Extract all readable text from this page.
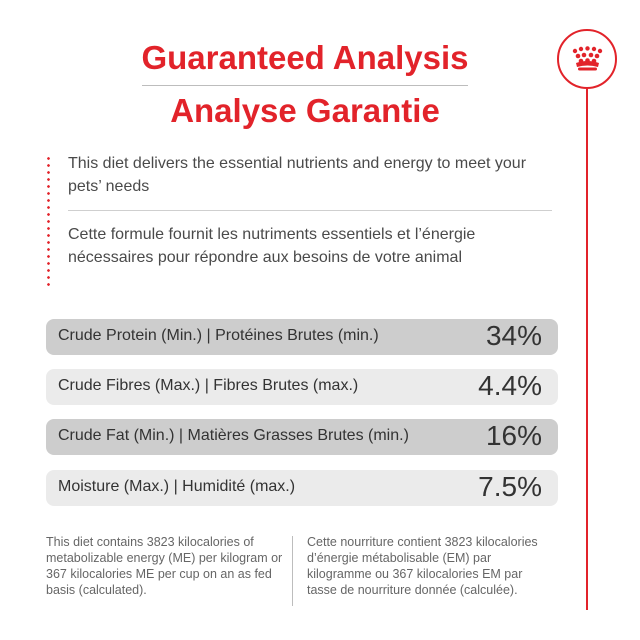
Guaranteed Analysis
Analyse Garantie

This diet delivers the essential nutrients and energy to meet your pets’ needs

Cette formule fournit les nutriments essentiels et l’énergie nécessaires pour répondre aux besoins de votre animal

Crude Protein (Min.) | Protéines Brutes (min.)	34%
Crude Fibres (Max.) | Fibres Brutes (max.)	4.4%
Crude Fat (Min.) | Matières Grasses Brutes (min.)	16%
Moisture (Max.) | Humidité (max.)	7.5%

This diet contains 3823 kilocalories of metabolizable energy (ME) per kilogram or 367 kilocalories ME per cup on an as fed basis (calculated).

Cette nourriture contient 3823 kilocalories d’énergie métabolisable (EM) par kilogramme ou 367 kilocalories EM par tasse de nourriture donnée (calculée).
